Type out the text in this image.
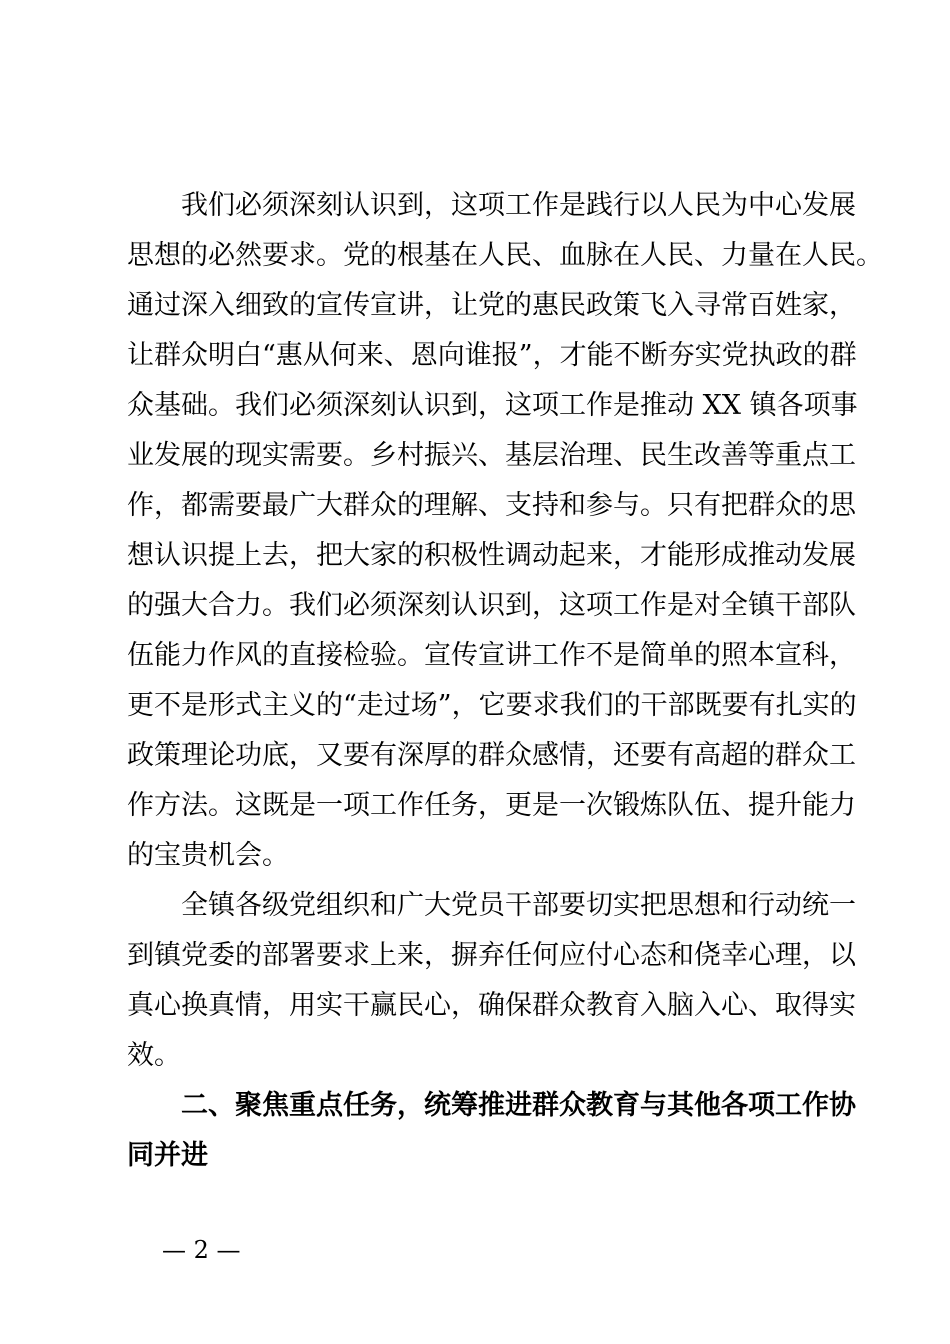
　　我们必须深刻认识到，这项工作是践行以人民为中心发展
思想的必然要求。党的根基在人民、血脉在人民、力量在人民。
通过深入细致的宣传宣讲，让党的惠民政策飞入寻常百姓家，
让群众明白“惠从何来、恩向谁报”，才能不断夯实党执政的群
众基础。我们必须深刻认识到，这项工作是推动 XX 镇各项事
业发展的现实需要。乡村振兴、基层治理、民生改善等重点工
作，都需要最广大群众的理解、支持和参与。只有把群众的思
想认识提上去，把大家的积极性调动起来，才能形成推动发展
的强大合力。我们必须深刻认识到，这项工作是对全镇干部队
伍能力作风的直接检验。宣传宣讲工作不是简单的照本宣科，
更不是形式主义的“走过场”，它要求我们的干部既要有扎实的
政策理论功底，又要有深厚的群众感情，还要有高超的群众工
作方法。这既是一项工作任务，更是一次锻炼队伍、提升能力
的宝贵机会。
　　全镇各级党组织和广大党员干部要切实把思想和行动统一
到镇党委的部署要求上来，摒弃任何应付心态和侥幸心理，以
真心换真情，用实干赢民心，确保群众教育入脑入心、取得实
效。
　　二、聚焦重点任务，统筹推进群众教育与其他各项工作协
同并进
— 2 —
